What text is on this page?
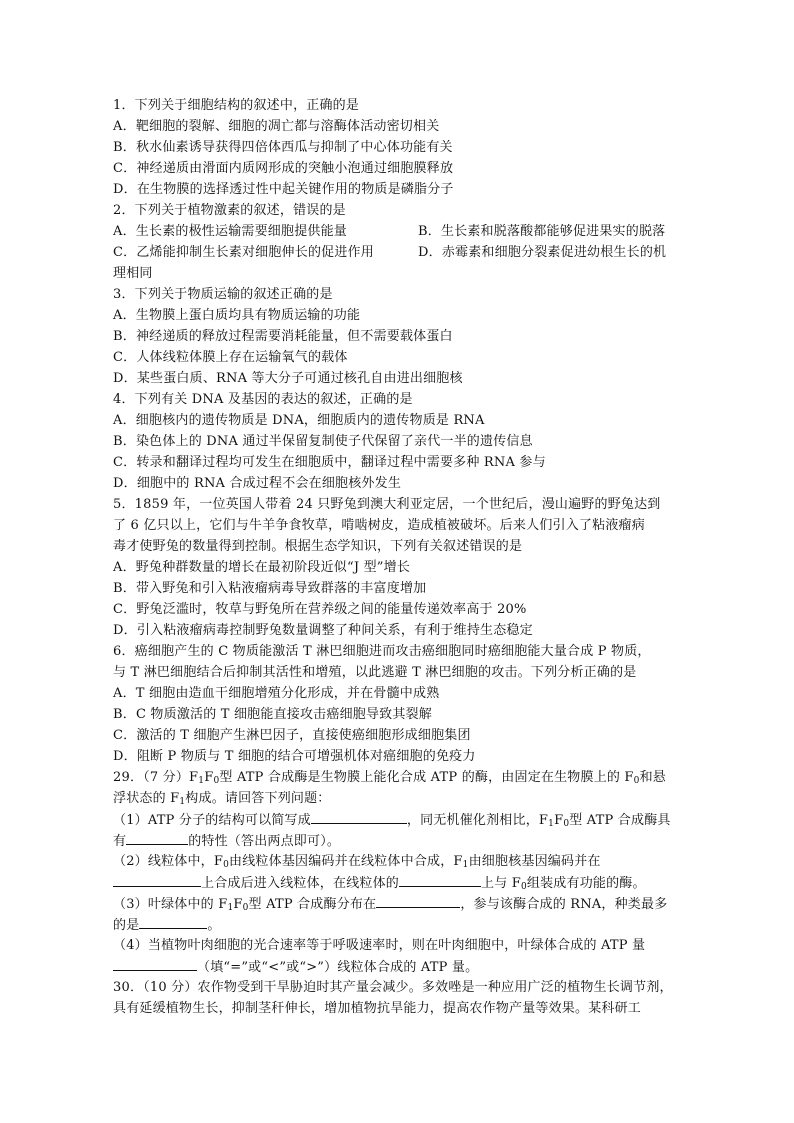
1．下列关于细胞结构的叙述中，正确的是
A．靶细胞的裂解、细胞的凋亡都与溶酶体活动密切相关
B．秋水仙素诱导获得四倍体西瓜与抑制了中心体功能有关
C．神经递质由滑面内质网形成的突触小泡通过细胞膜释放
D．在生物膜的选择透过性中起关键作用的物质是磷脂分子
2．下列关于植物激素的叙述，错误的是
A．生长素的极性运输需要细胞提供能量	B．生长素和脱落酸都能够促进果实的脱落
C．乙烯能抑制生长素对细胞伸长的促进作用	D．赤霉素和细胞分裂素促进幼根生长的机
理相同
3．下列关于物质运输的叙述正确的是
A．生物膜上蛋白质均具有物质运输的功能
B．神经递质的释放过程需要消耗能量，但不需要载体蛋白
C．人体线粒体膜上存在运输氧气的载体
D．某些蛋白质、RNA 等大分子可通过核孔自由进出细胞核
4．下列有关 DNA 及基因的表达的叙述，正确的是
A．细胞核内的遗传物质是 DNA，细胞质内的遗传物质是 RNA
B．染色体上的 DNA 通过半保留复制使子代保留了亲代一半的遗传信息
C．转录和翻译过程均可发生在细胞质中，翻译过程中需要多种 RNA 参与
D．细胞中的 RNA 合成过程不会在细胞核外发生
5．1859 年，一位英国人带着 24 只野兔到澳大利亚定居，一个世纪后，漫山遍野的野兔达到
了 6 亿只以上，它们与牛羊争食牧草，啃啮树皮，造成植被破坏。后来人们引入了粘液瘤病
毒才使野兔的数量得到控制。根据生态学知识，下列有关叙述错误的是
A．野兔种群数量的增长在最初阶段近似“J 型”增长
B．带入野兔和引入粘液瘤病毒导致群落的丰富度增加
C．野兔泛滥时，牧草与野兔所在营养级之间的能量传递效率高于 20%
D．引入粘液瘤病毒控制野兔数量调整了种间关系，有利于维持生态稳定
6．癌细胞产生的 C 物质能激活 T 淋巴细胞进而攻击癌细胞同时癌细胞能大量合成 P 物质，
与 T 淋巴细胞结合后抑制其活性和增殖，以此逃避 T 淋巴细胞的攻击。下列分析正确的是
A．T 细胞由造血干细胞增殖分化形成，并在骨髓中成熟
B．C 物质激活的 T 细胞能直接攻击癌细胞导致其裂解
C．激活的 T 细胞产生淋巴因子，直接使癌细胞形成细胞集团
D．阻断 P 物质与 T 细胞的结合可增强机体对癌细胞的免疫力
29．（7 分）$F_1F_0$型 ATP 合成酶是生物膜上能化合成 ATP 的酶，由固定在生物膜上的 $F_0$和悬
浮状态的 $F_1$构成。请回答下列问题：
（1）ATP 分子的结构可以简写成	，同无机催化剂相比，$F_1F_0$型 ATP 合成酶具
有	的特性（答出两点即可）。
（2）线粒体中，$F_0$由线粒体基因编码并在线粒体中合成，$F_1$由细胞核基因编码并在
上合成后进入线粒体，在线粒体的	上与 $F_0$组装成有功能的酶。
（3）叶绿体中的 $F_1F_0$型 ATP 合成酶分布在	，参与该酶合成的 RNA，种类最多
的是	。
（4）当植物叶肉细胞的光合速率等于呼吸速率时，则在叶肉细胞中，叶绿体合成的 ATP 量
（填“=”或“<”或“>”）线粒体合成的 ATP 量。
30．（10 分）农作物受到干旱胁迫时其产量会减少。多效唑是一种应用广泛的植物生长调节剂，
具有延缓植物生长，抑制茎秆伸长，增加植物抗旱能力，提高农作物产量等效果。某科研工
